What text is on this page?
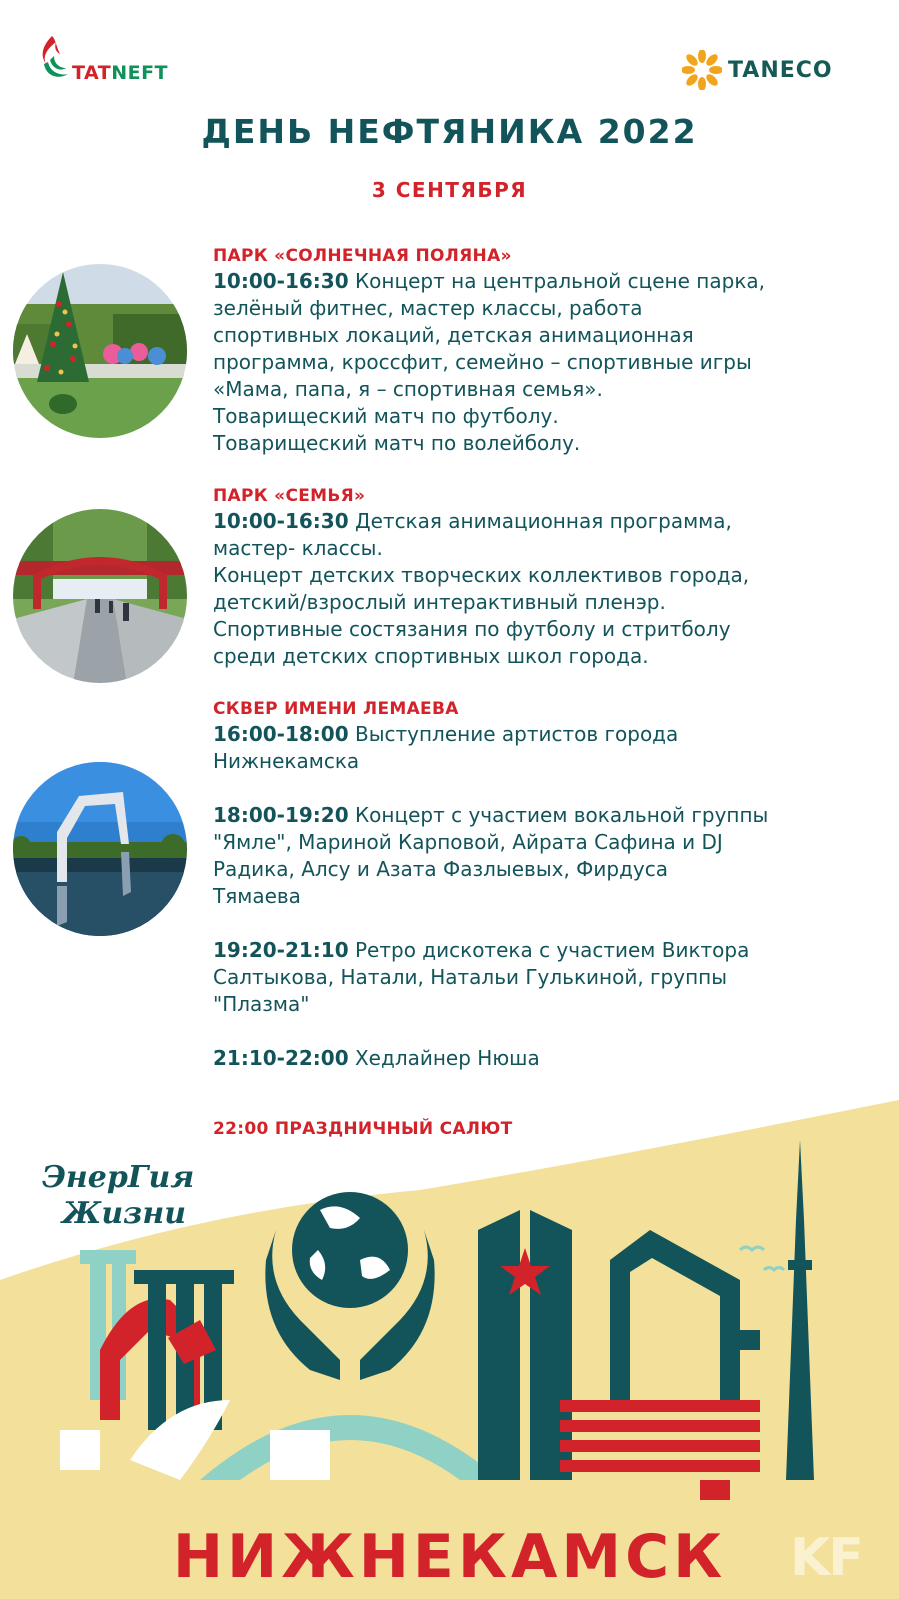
TATNEFT	TANECO
ДЕНЬ НЕФТЯНИКА 2022
3 СЕНТЯБРЯ
ПАРК «СОЛНЕЧНАЯ ПОЛЯНА»
10:00-16:30 Концерт на центральной сцене парка,
зелёный фитнес, мастер классы, работа
спортивных локаций, детская анимационная
программа, кроссфит, семейно – спортивные игры
«Мама, папа, я – спортивная семья».
Товарищеский матч по футболу.
Товарищеский матч по волейболу.
ПАРК «СЕМЬЯ»
10:00-16:30 Детская анимационная программа,
мастер- классы.
Концерт детских творческих коллективов города,
детский/взрослый интерактивный пленэр.
Спортивные состязания по футболу и стритболу
среди детских спортивных школ города.
СКВЕР ИМЕНИ ЛЕМАЕВА
16:00-18:00 Выступление артистов города
Нижнекамска
18:00-19:20 Концерт с участием вокальной группы
"Ямле", Мариной Карповой, Айрата Сафина и DJ
Радика, Алсу и Азата Фазлыевых, Фирдуса
Тямаева
19:20-21:10 Ретро дискотека с участием Виктора
Салтыкова, Натали, Натальи Гулькиной, группы
"Плазма"
21:10-22:00 Хедлайнер Нюша
ЭнерГия
Жизни
22:00 ПРАЗДНИЧНЫЙ САЛЮТ
НИЖНЕКАМСК	KF
